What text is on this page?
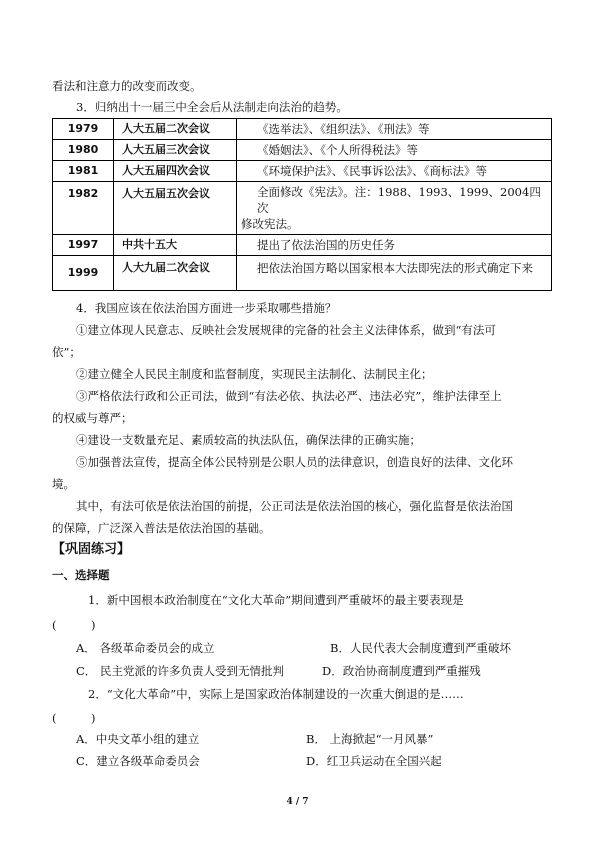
看法和注意力的改变而改变。
3．归纳出十一届三中全会后从法制走向法治的趋势。
1979	人大五届二次会议	《选举法》、《组织法》、《刑法》等
1980	人大五届三次会议	《婚姻法》、《个人所得税法》等
1981	人大五届四次会议	《环境保护法》、《民事诉讼法》、《商标法》等
1982	人大五届五次会议	全面修改《宪法》。注：1988、1993、1999、2004四次
修改宪法。

1997	中共十五大	提出了依法治国的历史任务
1999	人大九届二次会议	把依法治国方略以国家根本大法即宪法的形式确定下来
4．我国应该在依法治国方面进一步采取哪些措施？
①建立体现人民意志、反映社会发展规律的完备的社会主义法律体系，做到“有法可
依”；
②建立健全人民民主制度和监督制度，实现民主法制化、法制民主化；
③严格依法行政和公正司法，做到“有法必依、执法必严、违法必究”，维护法律至上
的权威与尊严；
④建设一支数量充足、素质较高的执法队伍，确保法律的正确实施；
⑤加强普法宣传，提高全体公民特别是公职人员的法律意识，创造良好的法律、文化环
境。
其中，有法可依是依法治国的前提，公正司法是依法治国的核心，强化监督是依法治国
的保障，广泛深入普法是依法治国的基础。
【巩固练习】
一、选择题
1．新中国根本政治制度在“文化大革命”期间遭到严重破坏的最主要表现是
(　　　)
A． 各级革命委员会的成立	B．人民代表大会制度遭到严重破坏
C． 民主党派的许多负责人受到无情批判	D．政治协商制度遭到严重摧残
2．“文化大革命”中，实际上是国家政治体制建设的一次重大倒退的是……
(　　　)
A．中央文革小组的建立	B． 上海掀起“一月风暴”
C．建立各级革命委员会	D．红卫兵运动在全国兴起
4 / 7
